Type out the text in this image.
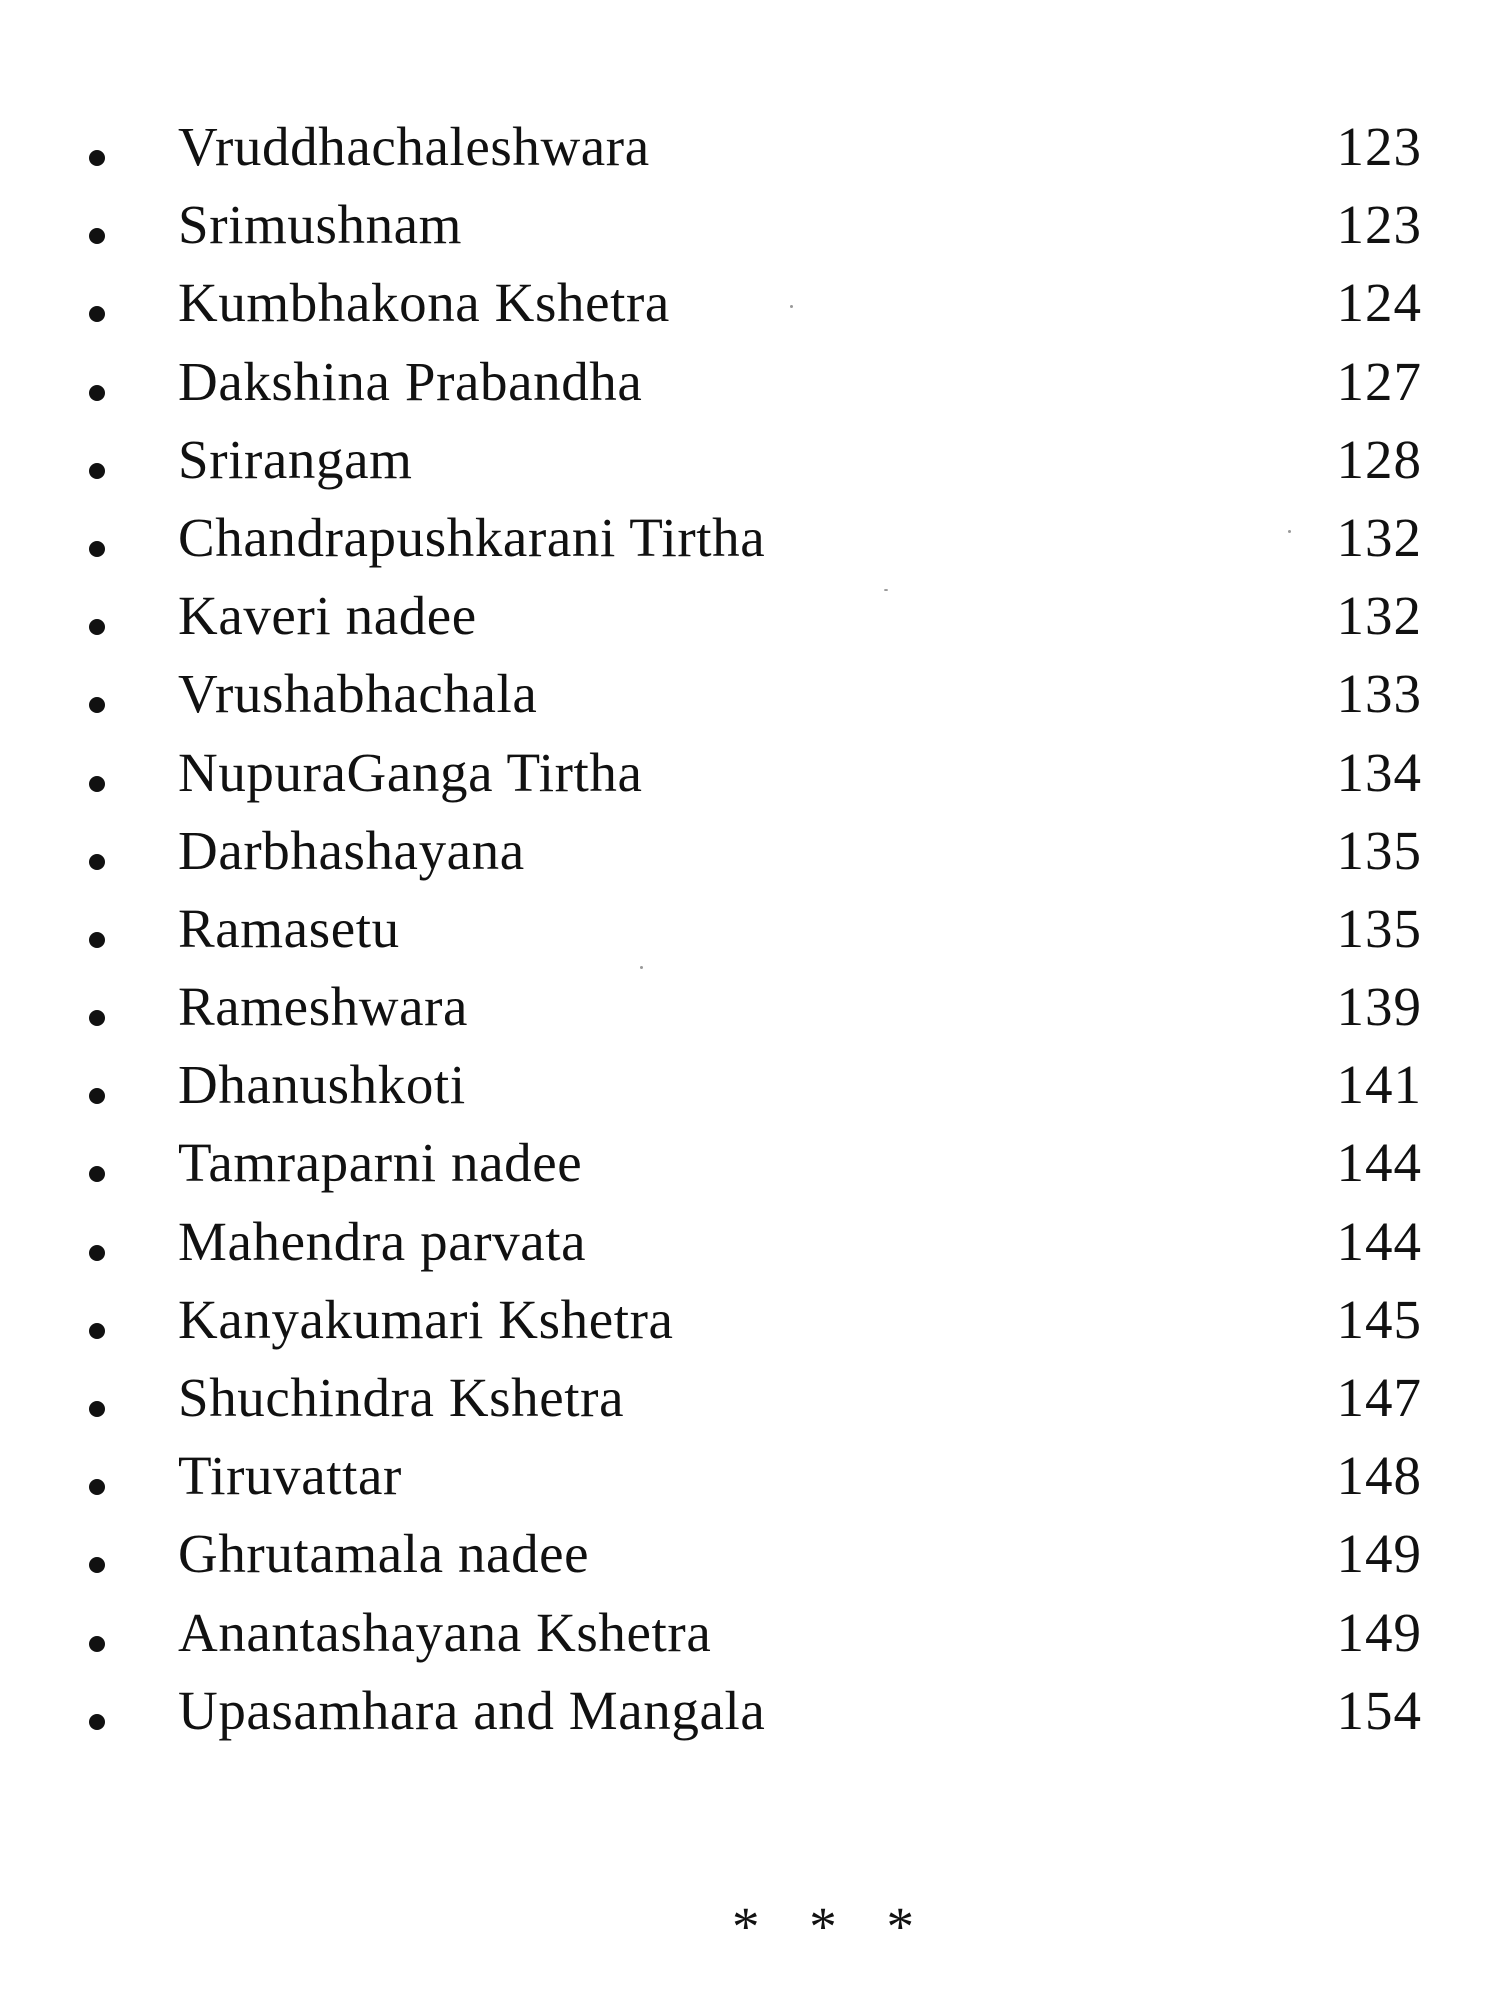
Vruddhachaleshwara	123
Srimushnam	123
Kumbhakona Kshetra	124
Dakshina Prabandha	127
Srirangam	128
Chandrapushkarani Tirtha	132
Kaveri nadee	132
Vrushabhachala	133
NupuraGanga Tirtha	134
Darbhashayana	135
Ramasetu	135
Rameshwara	139
Dhanushkoti	141
Tamraparni nadee	144
Mahendra parvata	144
Kanyakumari Kshetra	145
Shuchindra Kshetra	147
Tiruvattar	148
Ghrutamala nadee	149
Anantashayana Kshetra	149
Upasamhara and Mangala	154
* * *
